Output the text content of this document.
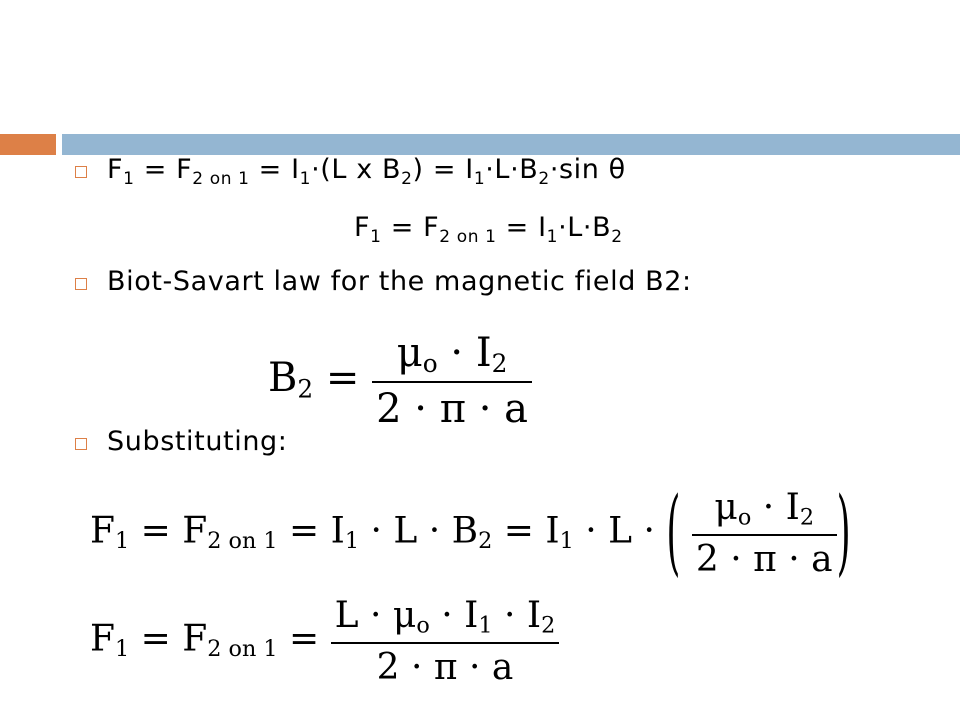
$F_1 = F_{2 on 1} = I_1\cdot(L$ x $B_2) = I_1\cdot L\cdot B_2\cdot\sin$ θ
$F_1 = F_{2 on 1} = I_1\cdot L\cdot B_2$
Biot-Savart law for the magnetic field B2:
$B_2 = \frac{\mu_o \cdot I_2}{2 \cdot \pi \cdot a}$
Substituting:
$F_1 = F_{2 on 1} = I_1 \cdot L \cdot B_2 = I_1 \cdot L$ · ( $\frac{\mu_o \cdot I_2}{2 \cdot \pi \cdot a}$ )
$F_1 = F_{2 on 1} = \frac{L \cdot \mu_o \cdot I_1 \cdot I_2}{2 \cdot \pi \cdot a}$
